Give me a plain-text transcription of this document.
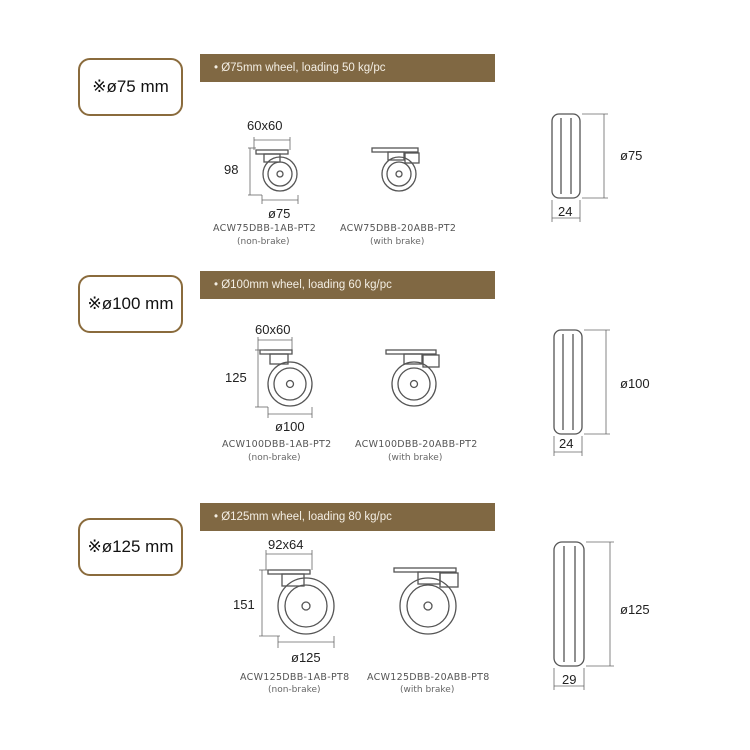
※ø75 mm
• Ø75mm wheel, loading 50 kg/pc
60x60
98
ø75
ACW75DBB-1AB-PT2
(non-brake)
ACW75DBB-20ABB-PT2
(with brake)
ø75
24
※ø100 mm
• Ø100mm wheel, loading 60 kg/pc
60x60
125
ø100
ACW100DBB-1AB-PT2
(non-brake)
ACW100DBB-20ABB-PT2
(with brake)
ø100
24
※ø125 mm
• Ø125mm wheel, loading 80 kg/pc
92x64
151
ø125
ACW125DBB-1AB-PT8
(non-brake)
ACW125DBB-20ABB-PT8
(with brake)
ø125
29
